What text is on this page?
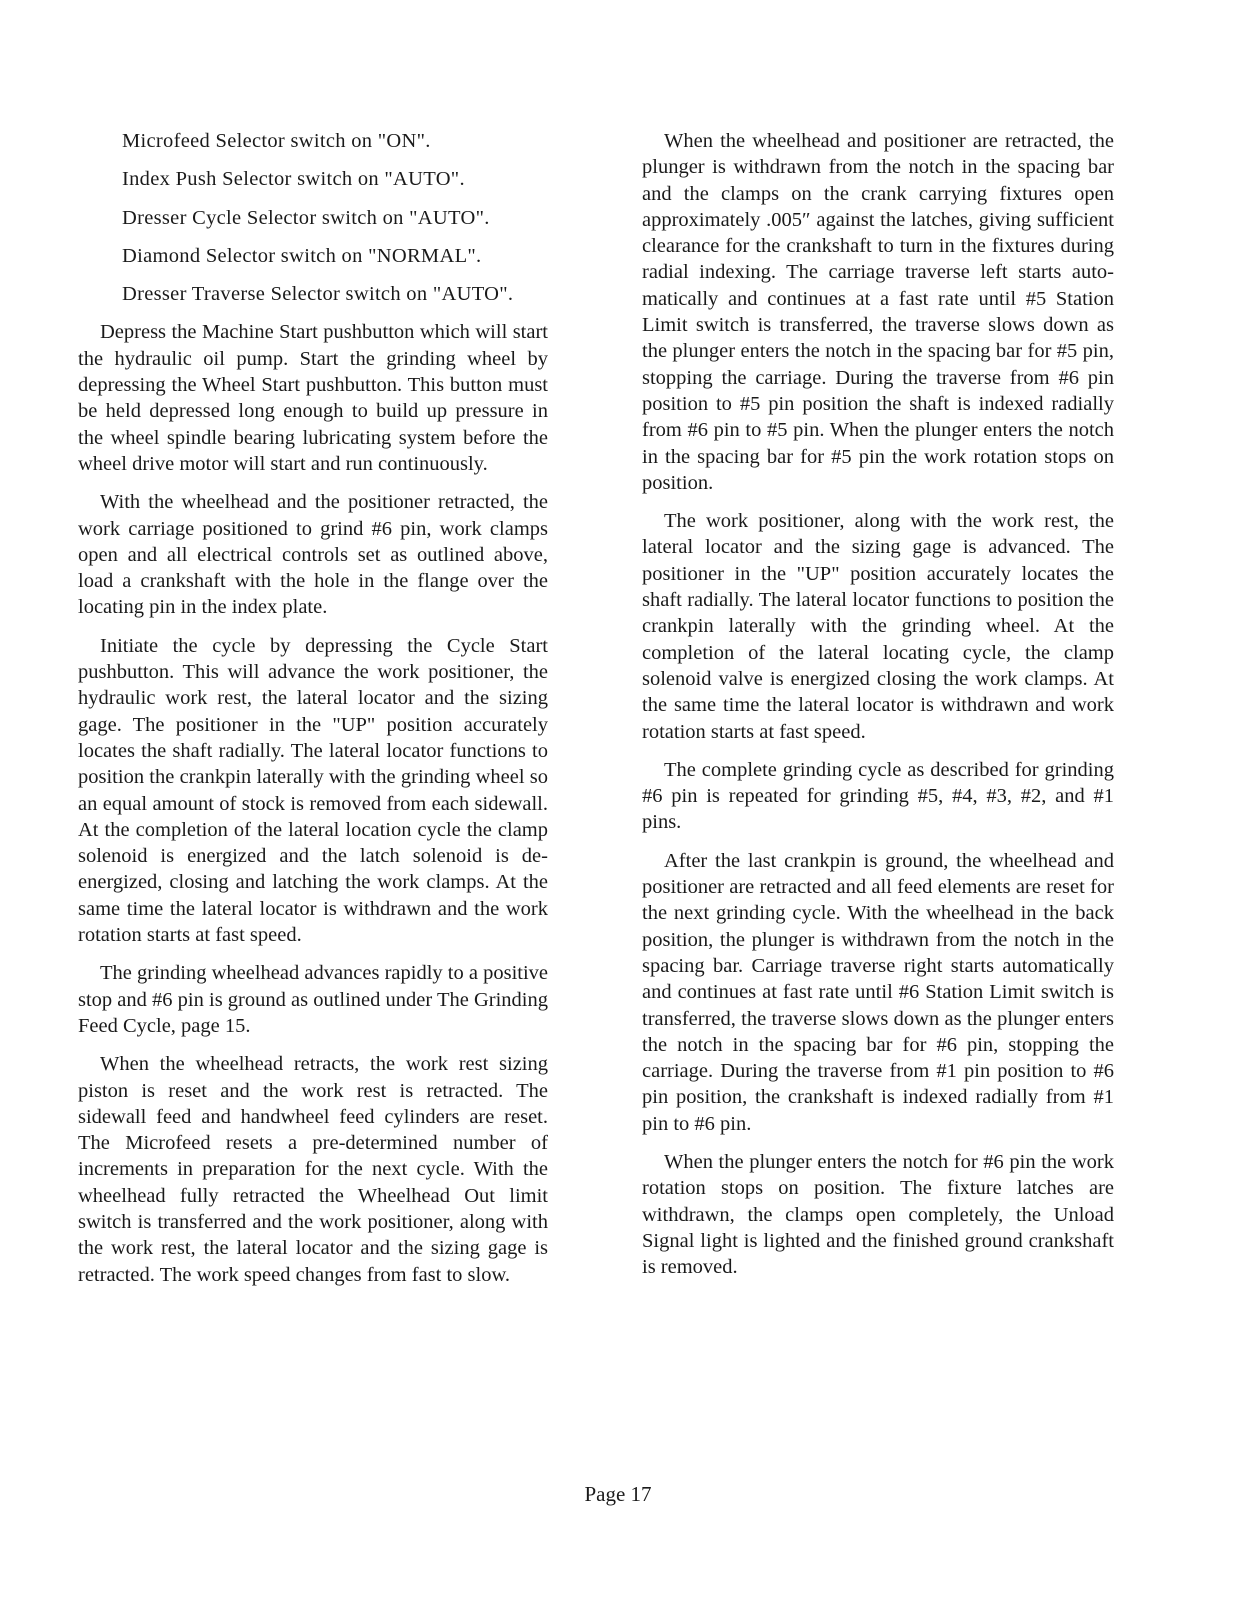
Microfeed Selector switch on "ON".

Index Push Selector switch on "AUTO".

Dresser Cycle Selector switch on "AUTO".

Diamond Selector switch on "NORMAL".

Dresser Traverse Selector switch on "AUTO".

Depress the Machine Start pushbutton which will start the hydraulic oil pump. Start the grinding wheel by depressing the Wheel Start pushbutton. This button must be held depressed long enough to build up pressure in the wheel spindle bearing lubricating system before the wheel drive motor will start and run continuously.

With the wheelhead and the positioner retracted, the work carriage positioned to grind #6 pin, work clamps open and all electrical controls set as outlined above, load a crankshaft with the hole in the flange over the locating pin in the index plate.

Initiate the cycle by depressing the Cycle Start pushbutton. This will advance the work positioner, the hydraulic work rest, the lateral locator and the sizing gage. The positioner in the "UP" position accurately locates the shaft radially. The lateral locator functions to position the crankpin laterally with the grinding wheel so an equal amount of stock is removed from each sidewall. At the completion of the lateral location cycle the clamp solenoid is energized and the latch solenoid is de-energized, closing and latching the work clamps. At the same time the lateral locator is withdrawn and the work rotation starts at fast speed.

The grinding wheelhead advances rapidly to a positive stop and #6 pin is ground as outlined under The Grinding Feed Cycle, page 15.

When the wheelhead retracts, the work rest sizing piston is reset and the work rest is retracted. The sidewall feed and handwheel feed cylinders are reset. The Microfeed resets a pre-determined number of increments in preparation for the next cycle. With the wheelhead fully retracted the Wheelhead Out limit switch is transferred and the work positioner, along with the work rest, the lateral locator and the sizing gage is retracted. The work speed changes from fast to slow.

When the wheelhead and positioner are retracted, the plunger is withdrawn from the notch in the spacing bar and the clamps on the crank carrying fixtures open approximately .005″ against the latches, giving sufficient clearance for the crankshaft to turn in the fixtures during radial indexing. The carriage traverse left starts automatically and continues at a fast rate until #5 Station Limit switch is transferred, the traverse slows down as the plunger enters the notch in the spacing bar for #5 pin, stopping the carriage. During the traverse from #6 pin position to #5 pin position the shaft is indexed radially from #6 pin to #5 pin. When the plunger enters the notch in the spacing bar for #5 pin the work rotation stops on position.

The work positioner, along with the work rest, the lateral locator and the sizing gage is advanced. The positioner in the "UP" position accurately locates the shaft radially. The lateral locator functions to position the crankpin laterally with the grinding wheel. At the completion of the lateral locating cycle, the clamp solenoid valve is energized closing the work clamps. At the same time the lateral locator is withdrawn and work rotation starts at fast speed.

The complete grinding cycle as described for grinding #6 pin is repeated for grinding #5, #4, #3, #2, and #1 pins.

After the last crankpin is ground, the wheelhead and positioner are retracted and all feed elements are reset for the next grinding cycle. With the wheelhead in the back position, the plunger is withdrawn from the notch in the spacing bar. Carriage traverse right starts automatically and continues at fast rate until #6 Station Limit switch is transferred, the traverse slows down as the plunger enters the notch in the spacing bar for #6 pin, stopping the carriage. During the traverse from #1 pin position to #6 pin position, the crankshaft is indexed radially from #1 pin to #6 pin.

When the plunger enters the notch for #6 pin the work rotation stops on position. The fixture latches are withdrawn, the clamps open completely, the Unload Signal light is lighted and the finished ground crankshaft is removed.

Page 17
